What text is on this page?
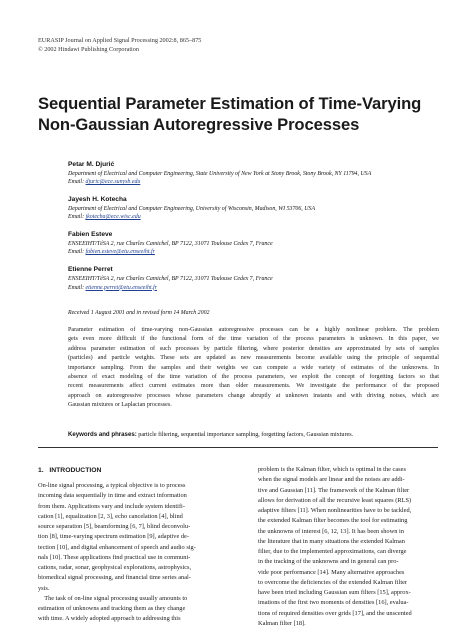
EURASIP Journal on Applied Signal Processing 2002:8, 865–875
© 2002 Hindawi Publishing Corporation
Sequential Parameter Estimation of Time-Varying
Non-Gaussian Autoregressive Processes
Petar M. Djurić
Department of Electrical and Computer Engineering, State University of New York at Stony Brook, Stony Brook, NY 11794, USA
Email: djuric@ece.sunysb.edu
Jayesh H. Kotecha
Department of Electrical and Computer Engineering, University of Wisconsin, Madison, WI 53706, USA
Email: jkotecha@ece.wisc.edu
Fabien Esteve
ENSEEIHT/TéSA 2, rue Charles Camichel, BP 7122, 31071 Toulouse Cedex 7, France
Email: fabien.esteve@etu.enseeiht.fr
Etienne Perret
ENSEEIHT/TéSA 2, rue Charles Camichel, BP 7122, 31071 Toulouse Cedex 7, France
Email: etienne.perret@etu.enseeiht.fr
Received 1 August 2001 and in revised form 14 March 2002
Parameter estimation of time-varying non-Gaussian autoregressive processes can be a highly nonlinear problem. The problem
gets even more difficult if the functional form of the time variation of the process parameters is unknown. In this paper, we
address parameter estimation of such processes by particle filtering, where posterior densities are approximated by sets of samples
(particles) and particle weights. These sets are updated as new measurements become available using the principle of sequential
importance sampling. From the samples and their weights we can compute a wide variety of estimates of the unknowns. In
absence of exact modeling of the time variation of the process parameters, we exploit the concept of forgetting factors so that
recent measurements affect current estimates more than older measurements. We investigate the performance of the proposed
approach on autoregressive processes whose parameters change abruptly at unknown instants and with driving noises, which are
Gaussian mixtures or Laplacian processes.
Keywords and phrases: particle filtering, sequential importance sampling, forgetting factors, Gaussian mixtures.
1.   INTRODUCTION
On-line signal processing, a typical objective is to process
incoming data sequentially in time and extract information
from them. Applications vary and include system identifi-
cation [1], equalization [2, 3], echo cancelation [4], blind
source separation [5], beamforming [6, 7], blind deconvolu-
tion [8], time-varying spectrum estimation [9], adaptive de-
tection [10], and digital enhancement of speech and audio sig-
nals [10]. These applications find practical use in communi-
cations, radar, sonar, geophysical explorations, astrophysics,
biomedical signal processing, and financial time series anal-
ysis.
The task of on-line signal processing usually amounts to
estimation of unknowns and tracking them as they change
with time. A widely adopted approach to addressing this
problem is the Kalman filter, which is optimal in the cases
when the signal models are linear and the noises are addi-
tive and Gaussian [11]. The framework of the Kalman filter
allows for derivation of all the recursive least squares (RLS)
adaptive filters [11]. When nonlinearities have to be tackled,
the extended Kalman filter becomes the tool for estimating
the unknowns of interest [6, 12, 13]. It has been shown in
the literature that in many situations the extended Kalman
filter, due to the implemented approximations, can diverge
in the tracking of the unknowns and in general can pro-
vide poor performance [14]. Many alternative approaches
to overcome the deficiencies of the extended Kalman filter
have been tried including Gaussian sum filters [15], approx-
imations of the first two moments of densities [16], evalua-
tions of required densities over grids [17], and the unscented
Kalman filter [18].
